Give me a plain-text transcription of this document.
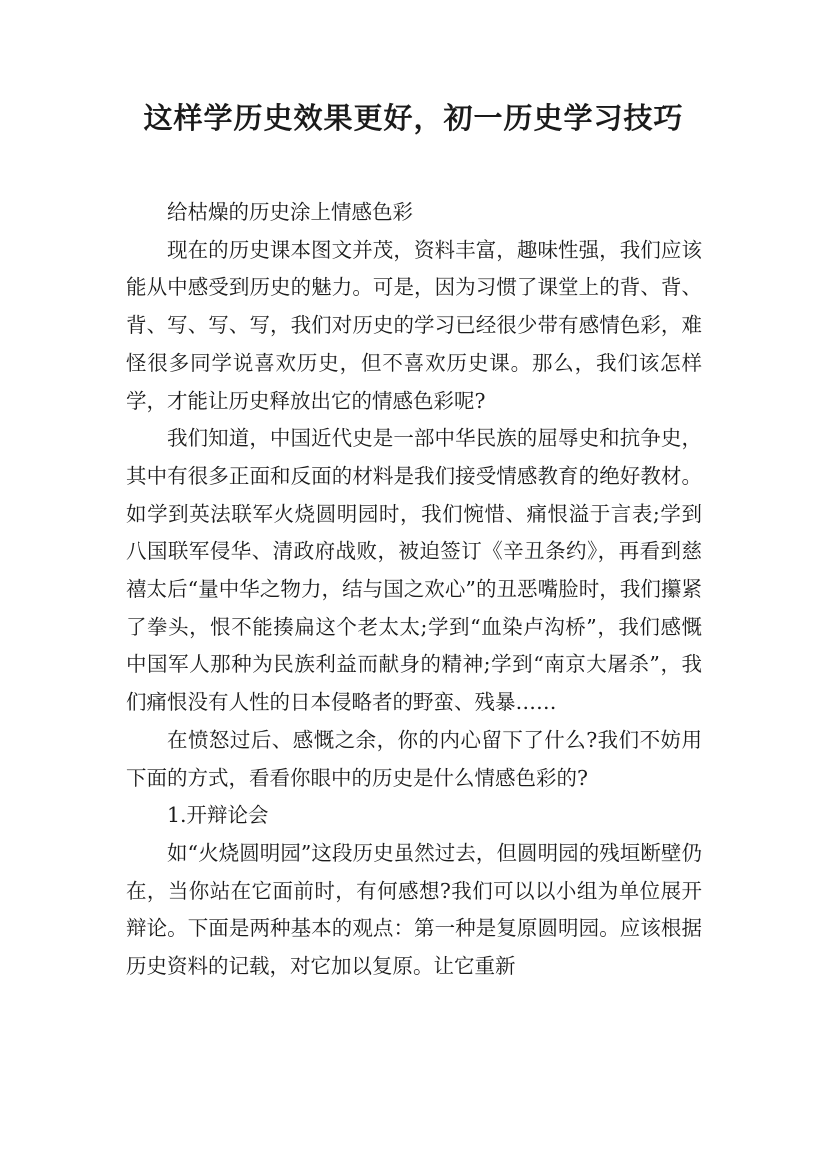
这样学历史效果更好，初一历史学习技巧

给枯燥的历史涂上情感色彩

现在的历史课本图文并茂，资料丰富，趣味性强，我们应该能从中感受到历史的魅力。可是，因为习惯了课堂上的背、背、背、写、写、写，我们对历史的学习已经很少带有感情色彩，难怪很多同学说喜欢历史，但不喜欢历史课。那么，我们该怎样学，才能让历史释放出它的情感色彩呢?

我们知道，中国近代史是一部中华民族的屈辱史和抗争史，其中有很多正面和反面的材料是我们接受情感教育的绝好教材。如学到英法联军火烧圆明园时，我们惋惜、痛恨溢于言表;学到八国联军侵华、清政府战败，被迫签订《辛丑条约》，再看到慈禧太后“量中华之物力，结与国之欢心”的丑恶嘴脸时，我们攥紧了拳头，恨不能揍扁这个老太太;学到“血染卢沟桥”，我们感慨中国军人那种为民族利益而献身的精神;学到“南京大屠杀”，我们痛恨没有人性的日本侵略者的野蛮、残暴……

在愤怒过后、感慨之余，你的内心留下了什么?我们不妨用下面的方式，看看你眼中的历史是什么情感色彩的?

1.开辩论会

如“火烧圆明园”这段历史虽然过去，但圆明园的残垣断壁仍在，当你站在它面前时，有何感想?我们可以以小组为单位展开辩论。下面是两种基本的观点：第一种是复原圆明园。应该根据历史资料的记载，对它加以复原。让它重新
